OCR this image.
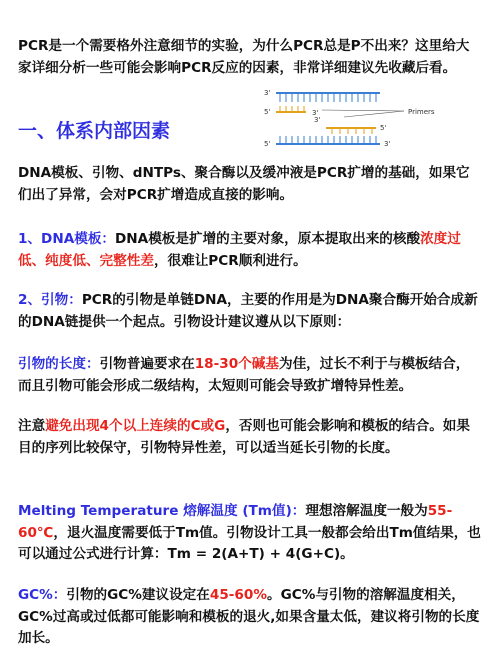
PCR是一个需要格外注意细节的实验，为什么PCR总是P不出来？这里给大家详细分析一些可能会影响PCR反应的因素，非常详细建议先收藏后看。

3'
5'	3'	Primers
3'
5'
5'	3'
一、体系内部因素

DNA模板、引物、dNTPs、聚合酶以及缓冲液是PCR扩增的基础，如果它们出了异常，会对PCR扩增造成直接的影响。

1、DNA模板：DNA模板是扩增的主要对象，原本提取出来的核酸浓度过低、纯度低、完整性差，很难让PCR顺利进行。

2、引物：PCR的引物是单链DNA，主要的作用是为DNA聚合酶开始合成新的DNA链提供一个起点。引物设计建议遵从以下原则：

引物的长度：引物普遍要求在18-30个碱基为佳，过长不利于与模板结合，而且引物可能会形成二级结构，太短则可能会导致扩增特异性差。

注意避免出现4个以上连续的C或G，否则也可能会影响和模板的结合。如果目的序列比较保守，引物特异性差，可以适当延长引物的长度。

Melting Temperature 熔解温度 (Tm值)：理想溶解温度一般为55-60℃，退火温度需要低于Tm值。引物设计工具一般都会给出Tm值结果，也可以通过公式进行计算：Tm = 2(A+T) + 4(G+C)。

GC%：引物的GC%建议设定在45-60%。GC%与引物的溶解温度相关，GC%过高或过低都可能影响和模板的退火,如果含量太低，建议将引物的长度加长。
